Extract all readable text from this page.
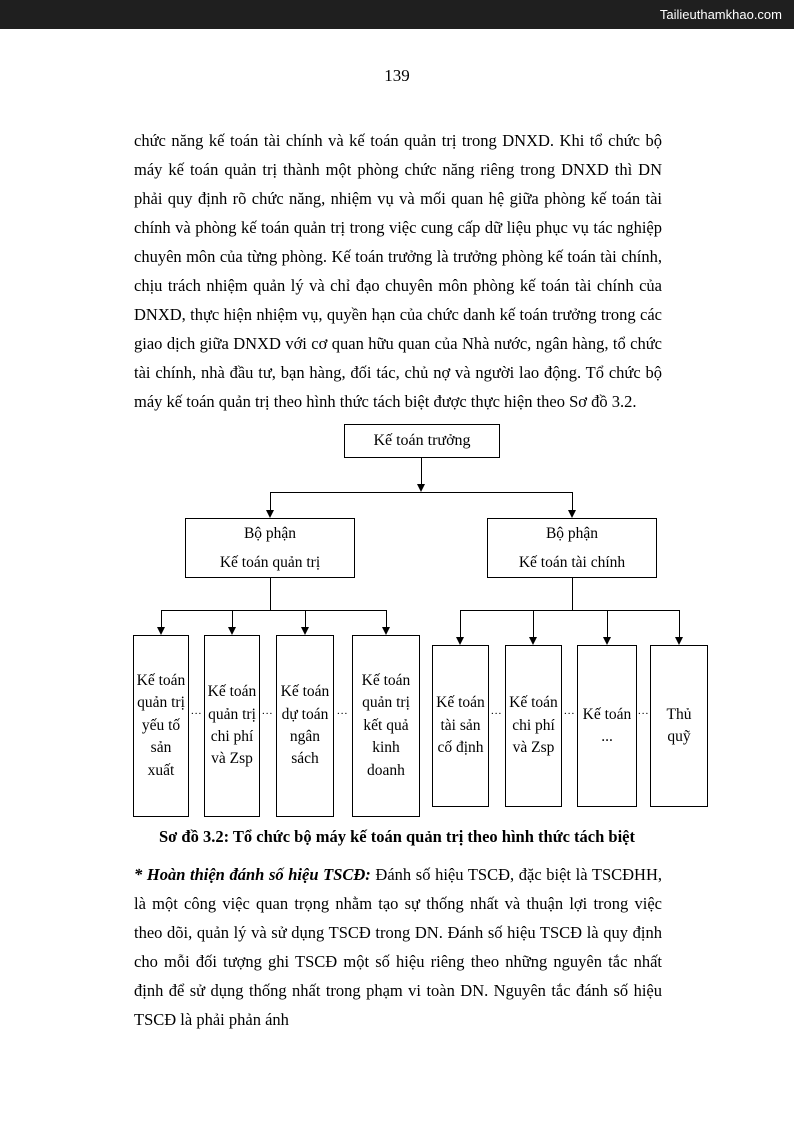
Tailieuthamkhao.com
139

chức năng kế toán tài chính và kế toán quản trị trong DNXD. Khi tổ chức bộ máy kế toán quản trị thành một phòng chức năng riêng trong DNXD thì DN phải quy định rõ chức năng, nhiệm vụ và mối quan hệ giữa phòng kế toán tài chính và phòng kế toán quản trị trong việc cung cấp dữ liệu phục vụ tác nghiệp chuyên môn của từng phòng. Kế toán trưởng là trưởng phòng kế toán tài chính, chịu trách nhiệm quản lý và chỉ đạo chuyên môn phòng kế toán tài chính của DNXD, thực hiện nhiệm vụ, quyền hạn của chức danh kế toán trưởng trong các giao dịch giữa DNXD với cơ quan hữu quan của Nhà nước, ngân hàng, tổ chức tài chính, nhà đầu tư, bạn hàng, đối tác, chủ nợ và người lao động. Tổ chức bộ máy kế toán quản trị theo hình thức tách biệt được thực hiện theo Sơ đồ 3.2.

Kế toán trưởng
Bộ phận
Kế toán quản trị
Bộ phận
Kế toán tài chính
Kế toán quản trị yếu tố sản xuất
Kế toán quản trị chi phí và Zsp
Kế toán dự toán ngân sách
Kế toán quản trị kết quả kinh doanh
Kế toán tài sản cố định
Kế toán chi phí và Zsp
Kế toán ...
Thủ quỹ
...	...	...	...	...	...
Sơ đồ 3.2: Tổ chức bộ máy kế toán quản trị theo hình thức tách biệt

* Hoàn thiện đánh số hiệu TSCĐ: Đánh số hiệu TSCĐ, đặc biệt là TSCĐHH, là một công việc quan trọng nhằm tạo sự thống nhất và thuận lợi trong việc theo dõi, quản lý và sử dụng TSCĐ trong DN. Đánh số hiệu TSCĐ là quy định cho mỗi đối tượng ghi TSCĐ một số hiệu riêng theo những nguyên tắc nhất định để sử dụng thống nhất trong phạm vi toàn DN. Nguyên tắc đánh số hiệu TSCĐ là phải phản ánh
